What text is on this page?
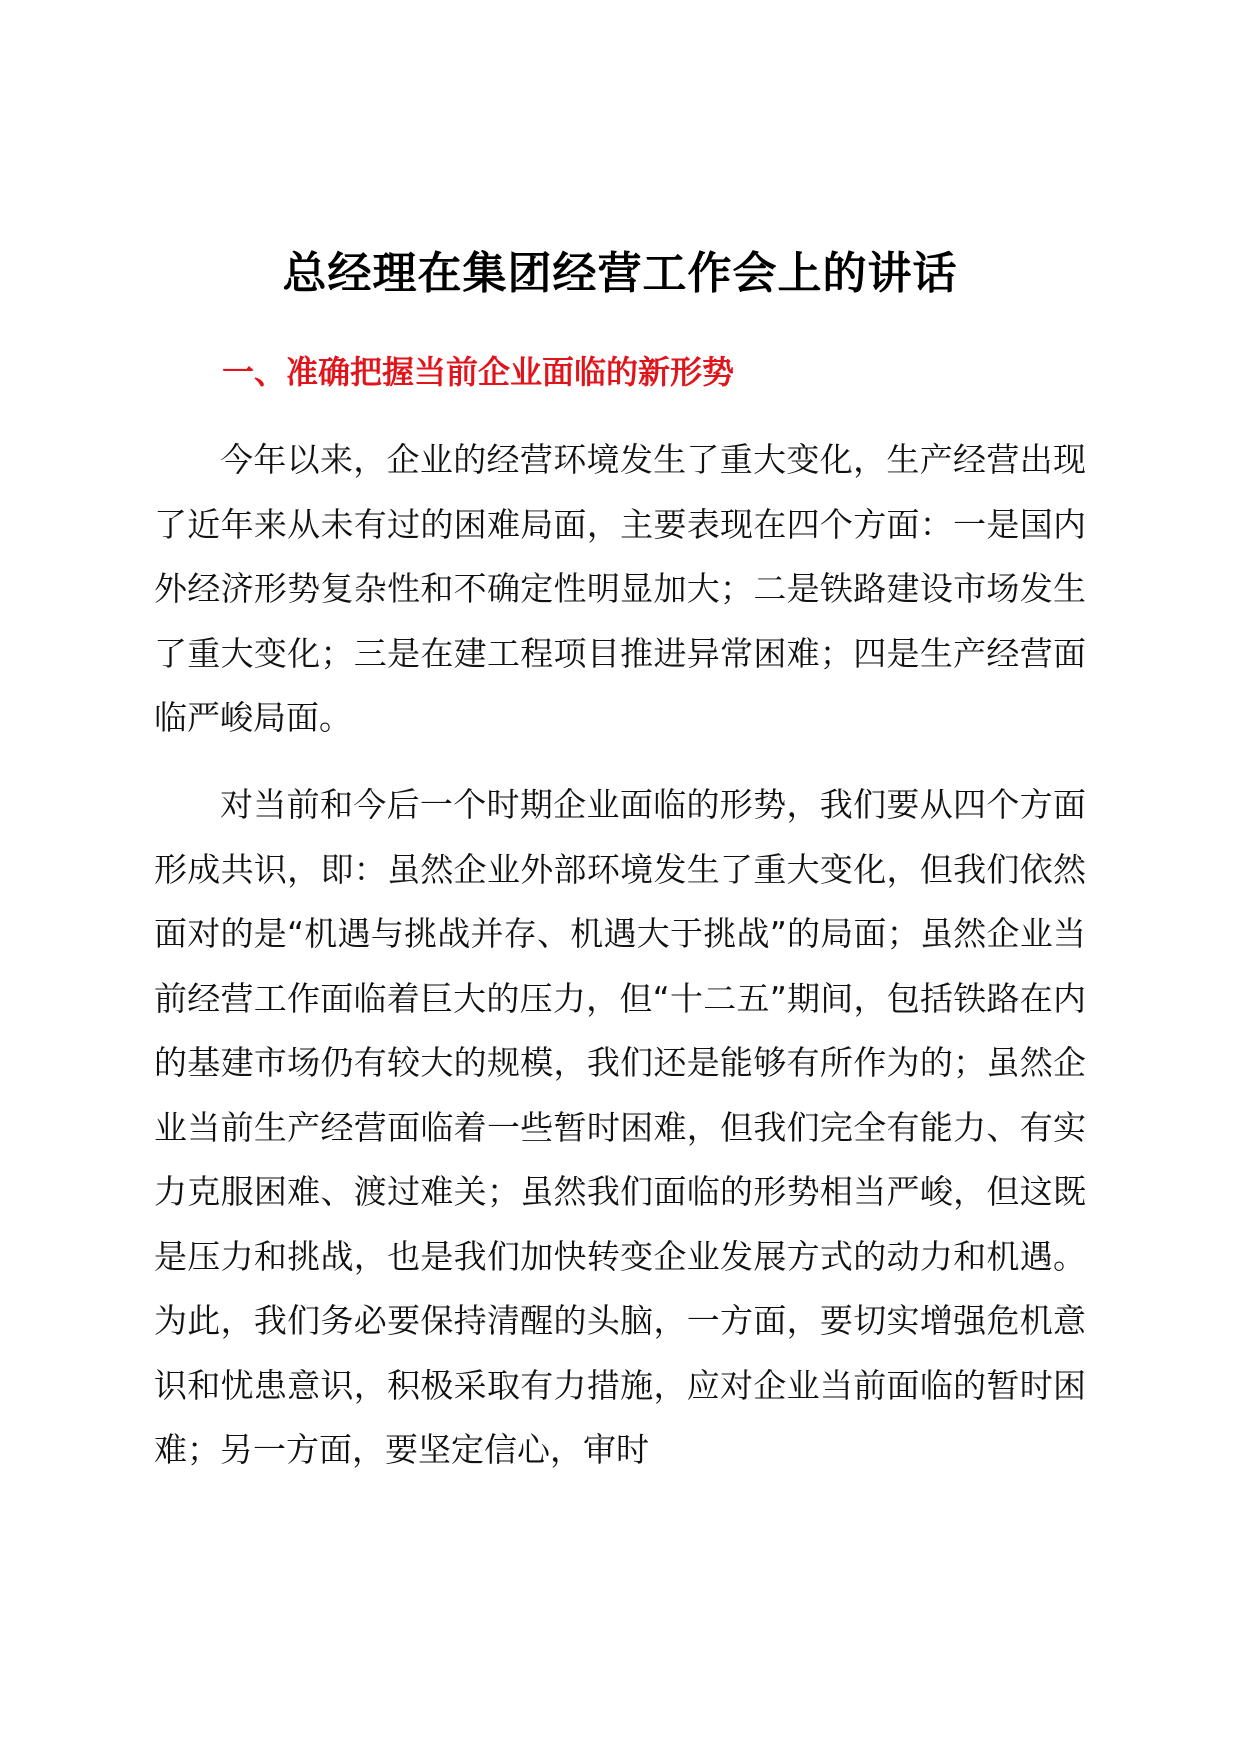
总经理在集团经营工作会上的讲话
一、准确把握当前企业面临的新形势

今年以来，企业的经营环境发生了重大变化，生产经营出现了近年来从未有过的困难局面，主要表现在四个方面：一是国内外经济形势复杂性和不确定性明显加大；二是铁路建设市场发生了重大变化；三是在建工程项目推进异常困难；四是生产经营面临严峻局面。

对当前和今后一个时期企业面临的形势，我们要从四个方面形成共识，即：虽然企业外部环境发生了重大变化，但我们依然面对的是“机遇与挑战并存、机遇大于挑战”的局面；虽然企业当前经营工作面临着巨大的压力，但“十二五”期间，包括铁路在内的基建市场仍有较大的规模，我们还是能够有所作为的；虽然企业当前生产经营面临着一些暂时困难，但我们完全有能力、有实力克服困难、渡过难关；虽然我们面临的形势相当严峻，但这既是压力和挑战，也是我们加快转变企业发展方式的动力和机遇。为此，我们务必要保持清醒的头脑，一方面，要切实增强危机意识和忧患意识，积极采取有力措施，应对企业当前面临的暂时困难；另一方面，要坚定信心，审时
